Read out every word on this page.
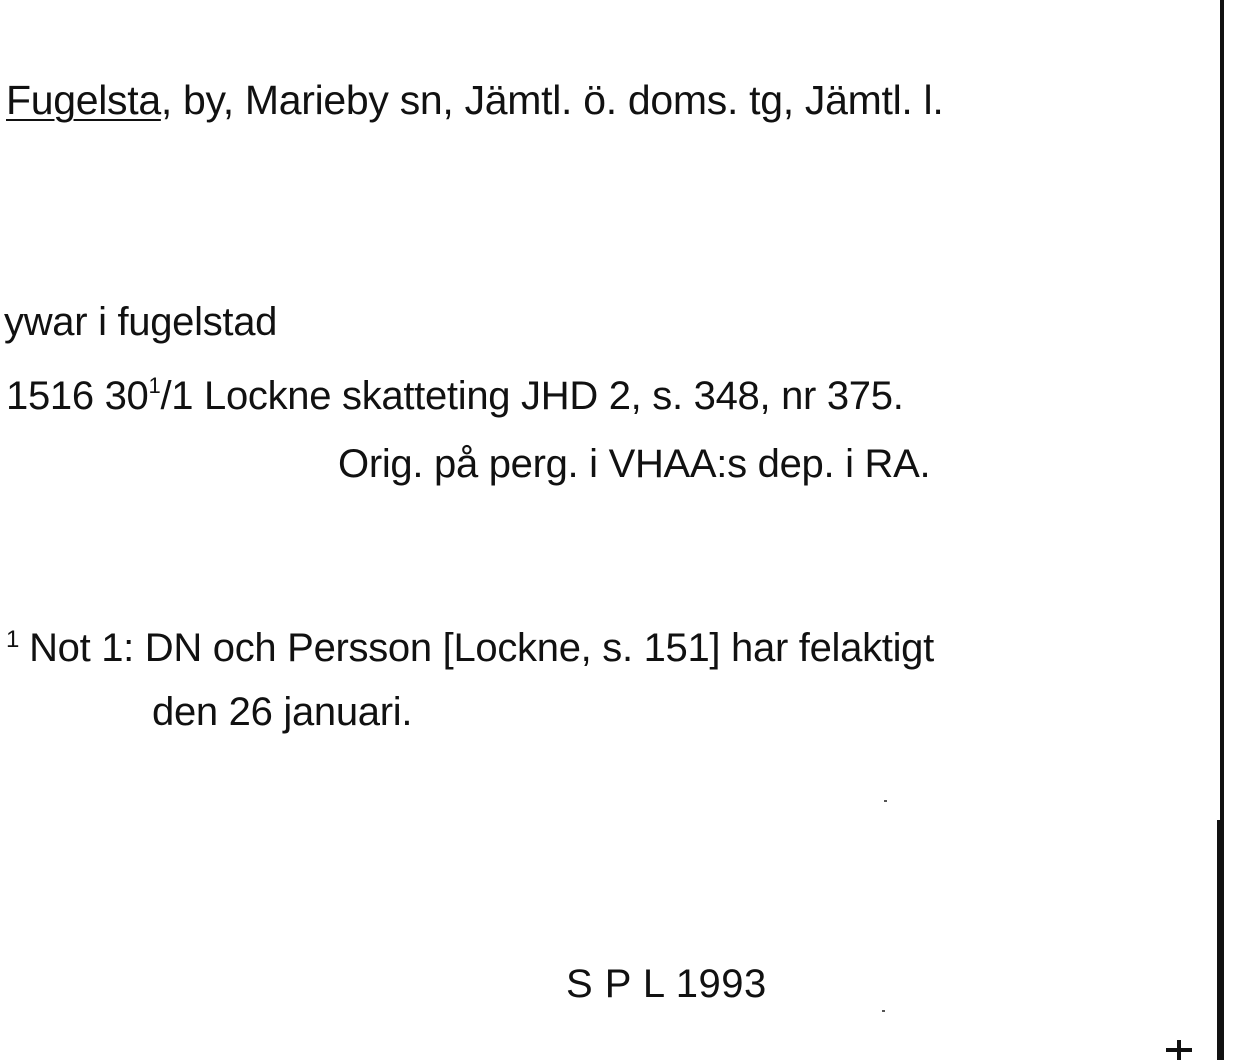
Fugelsta, by, Marieby sn, Jämtl. ö. doms. tg, Jämtl. l.
ywar i fugelstad
1516 $30^1/1$ Lockne skatteting JHD 2, s. 348, nr 375.
Orig. på perg. i VHAA:s dep. i RA.
$^1$ Not 1: DN och Persson [Lockne, s. 151] har felaktigt
den 26 januari.
S P L 1993
